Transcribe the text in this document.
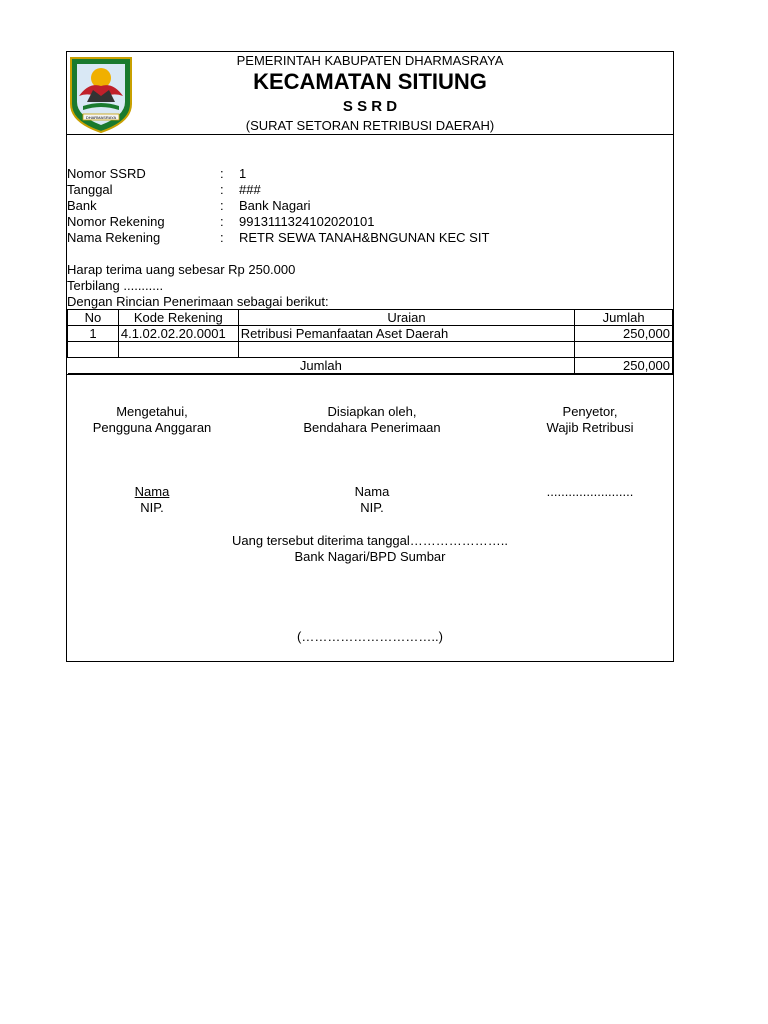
DHARMASRAYA
PEMERINTAH KABUPATEN DHARMASRAYA
KECAMATAN SITIUNG
S S R D
(SURAT SETORAN RETRIBUSI DAERAH)
Nomor SSRD	: 1
Tanggal	: ###
Bank	: Bank Nagari
Nomor Rekening	: 9913111324102020101
Nama Rekening	: RETR SEWA TANAH&BNGUNAN KEC SIT
Harap terima uang sebesar Rp 250.000
Terbilang ...........
Dengan Rincian Penerimaan sebagai berikut:
No	Kode Rekening	Uraian	Jumlah
1	4.1.02.02.20.0001	Retribusi Pemanfaatan Aset Daerah	250,000

Jumlah			250,000
Mengetahui,
Pengguna Anggaran
Nama
NIP.
Disiapkan oleh,
Bendahara Penerimaan
Nama
NIP.
Penyetor,
Wajib Retribusi
........................
Uang tersebut diterima tanggal…………………..
Bank Nagari/BPD Sumbar
(…………………………..)
